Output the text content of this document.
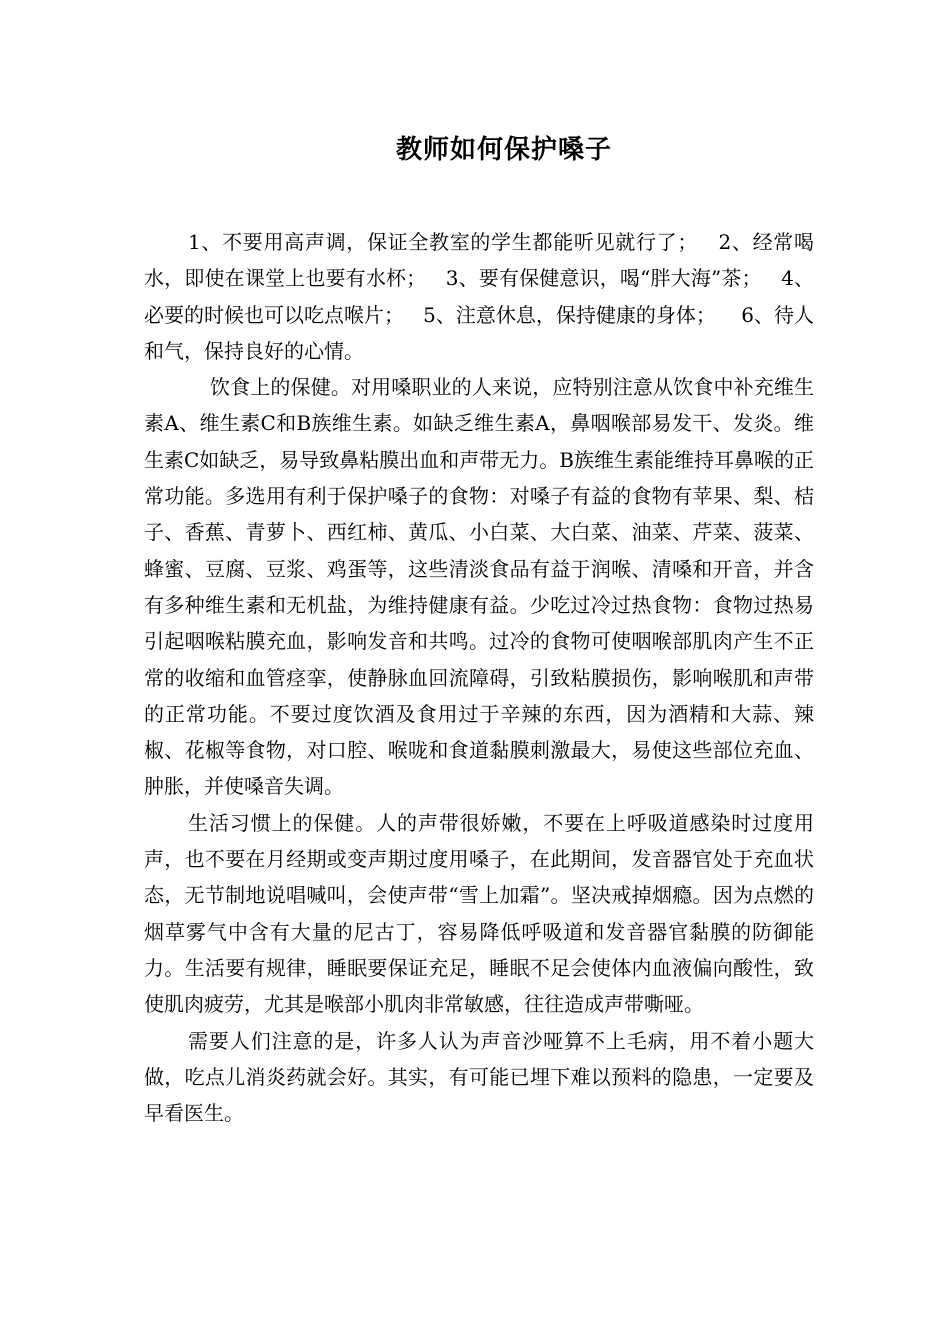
教师如何保护嗓子

1、不要用高声调，保证全教室的学生都能听见就行了；   2、经常喝水，即使在课堂上也要有水杯；   3、要有保健意识，喝“胖大海”茶；   4、必要的时候也可以吃点喉片；   5、注意休息，保持健康的身体；    6、待人和气，保持良好的心情。

饮食上的保健。对用嗓职业的人来说，应特别注意从饮食中补充维生素A、维生素C和B族维生素。如缺乏维生素A，鼻咽喉部易发干、发炎。维生素C如缺乏，易导致鼻粘膜出血和声带无力。B族维生素能维持耳鼻喉的正常功能。多选用有利于保护嗓子的食物：对嗓子有益的食物有苹果、梨、桔子、香蕉、青萝卜、西红柿、黄瓜、小白菜、大白菜、油菜、芹菜、菠菜、蜂蜜、豆腐、豆浆、鸡蛋等，这些清淡食品有益于润喉、清嗓和开音，并含有多种维生素和无机盐，为维持健康有益。少吃过冷过热食物：食物过热易引起咽喉粘膜充血，影响发音和共鸣。过冷的食物可使咽喉部肌肉产生不正常的收缩和血管痉挛，使静脉血回流障碍，引致粘膜损伤，影响喉肌和声带的正常功能。不要过度饮酒及食用过于辛辣的东西，因为酒精和大蒜、辣椒、花椒等食物，对口腔、喉咙和食道黏膜刺激最大，易使这些部位充血、肿胀，并使嗓音失调。

生活习惯上的保健。人的声带很娇嫩，不要在上呼吸道感染时过度用声，也不要在月经期或变声期过度用嗓子，在此期间，发音器官处于充血状态，无节制地说唱喊叫，会使声带“雪上加霜”。坚决戒掉烟瘾。因为点燃的烟草雾气中含有大量的尼古丁，容易降低呼吸道和发音器官黏膜的防御能力。生活要有规律，睡眠要保证充足，睡眠不足会使体内血液偏向酸性，致使肌肉疲劳，尤其是喉部小肌肉非常敏感，往往造成声带嘶哑。

需要人们注意的是，许多人认为声音沙哑算不上毛病，用不着小题大做，吃点儿消炎药就会好。其实，有可能已埋下难以预料的隐患，一定要及早看医生。
